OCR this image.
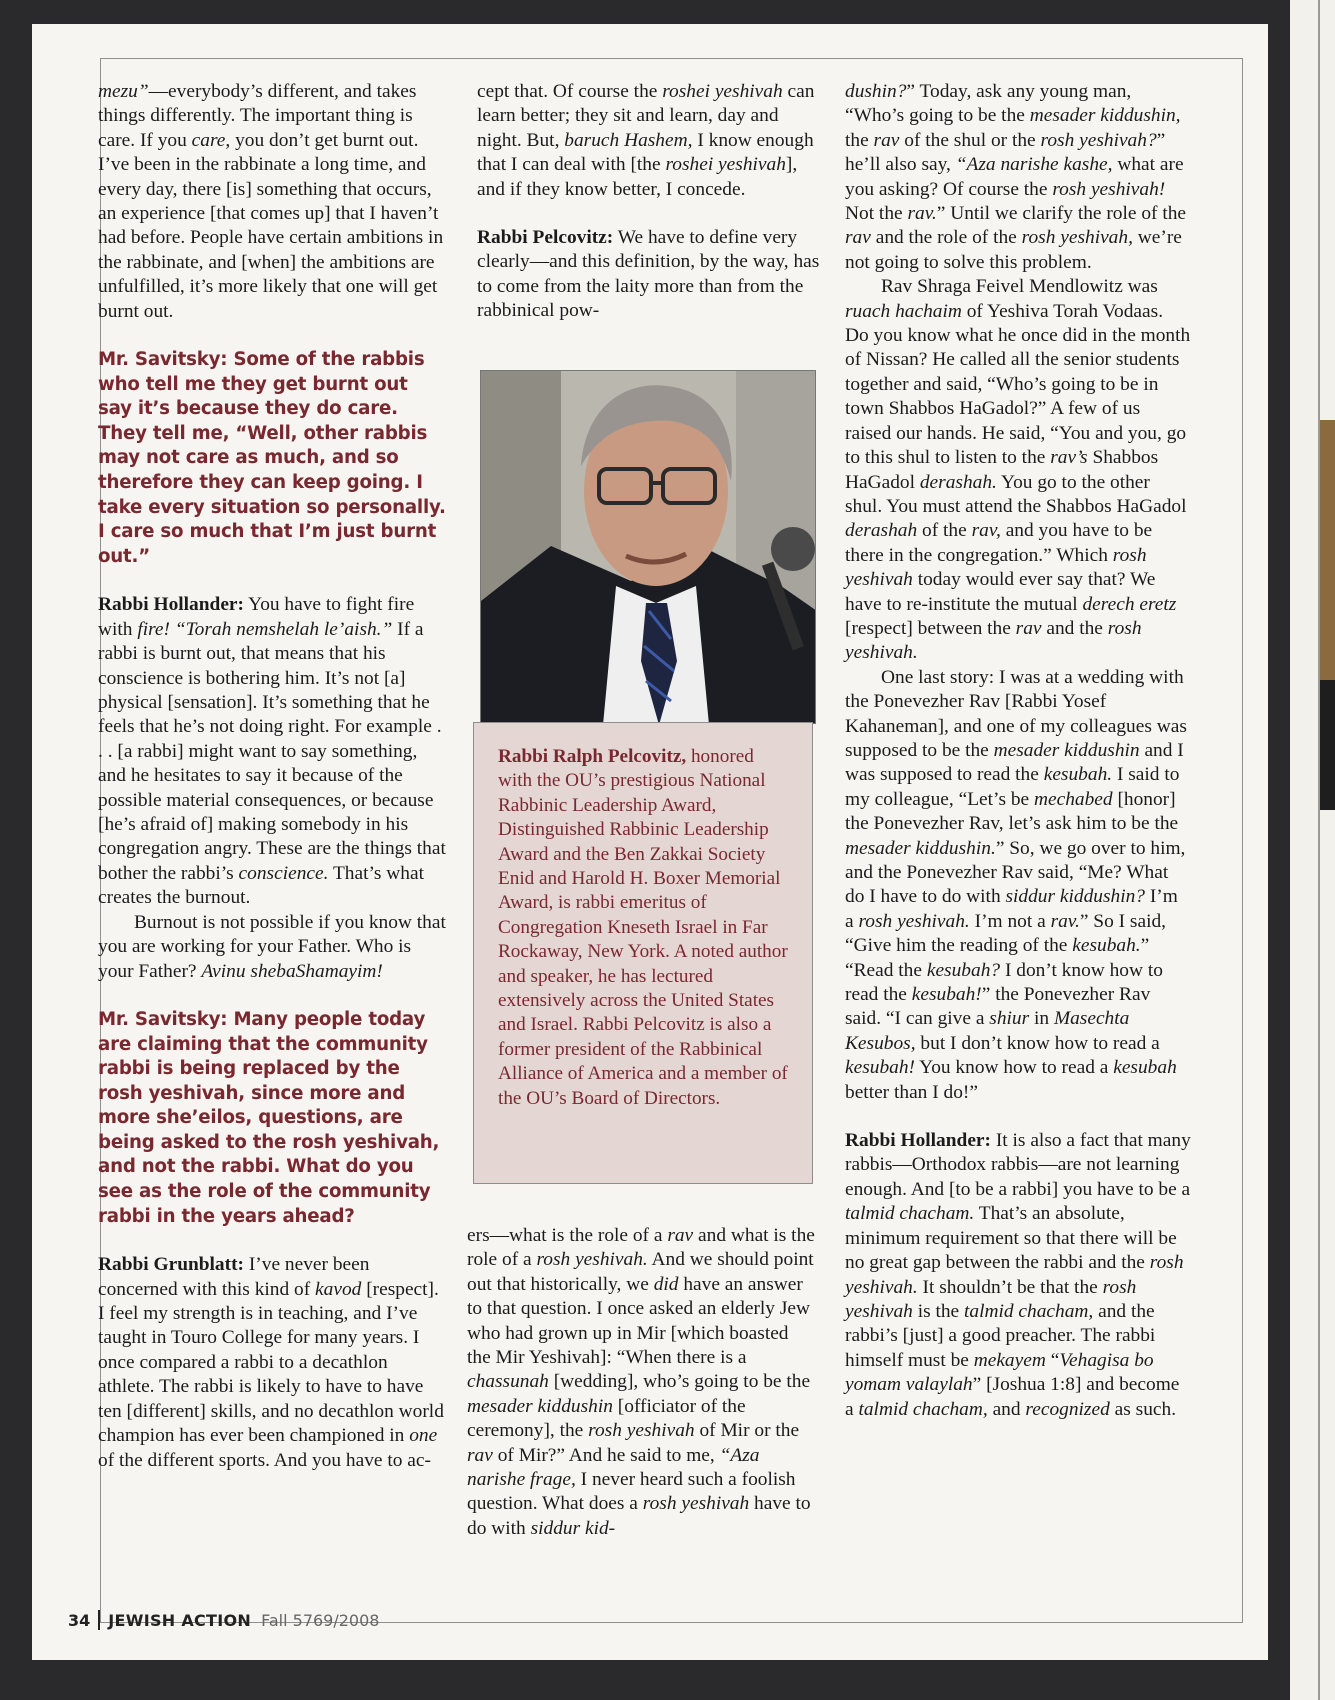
mezu”—everybody’s different, and takes things differently. The important thing is care. If you care, you don’t get burnt out. I’ve been in the rabbinate a long time, and every day, there [is] something that occurs, an experience [that comes up] that I haven’t had before. People have certain ambitions in the rabbinate, and [when] the ambitions are unfulfilled, it’s more likely that one will get burnt out.

Mr. Savitsky: Some of the rabbis who tell me they get burnt out say it’s because they do care. They tell me, “Well, other rabbis may not care as much, and so therefore they can keep going. I take every situation so personally. I care so much that I’m just burnt out.”

Rabbi Hollander: You have to fight fire with fire! “Torah nemshelah le’aish.” If a rabbi is burnt out, that means that his conscience is bothering him. It’s not [a] physical [sensation]. It’s something that he feels that he’s not doing right. For example . . . [a rabbi] might want to say something, and he hesitates to say it because of the possible material consequences, or because [he’s afraid of] making somebody in his congregation angry. These are the things that bother the rabbi’s conscience. That’s what creates the burnout.

Burnout is not possible if you know that you are working for your Father. Who is your Father? Avinu shebaShamayim!

Mr. Savitsky: Many people today are claiming that the community rabbi is being replaced by the rosh yeshivah, since more and more she’eilos, questions, are being asked to the rosh yeshivah, and not the rabbi. What do you see as the role of the community rabbi in the years ahead?

Rabbi Grunblatt: I’ve never been concerned with this kind of kavod [respect]. I feel my strength is in teaching, and I’ve taught in Touro College for many years. I once compared a rabbi to a decathlon athlete. The rabbi is likely to have to have ten [different] skills, and no decathlon world champion has ever been championed in one of the different sports. And you have to ac-

cept that. Of course the roshei yeshivah can learn better; they sit and learn, day and night. But, baruch Hashem, I know enough that I can deal with [the roshei yeshivah], and if they know better, I concede.

Rabbi Pelcovitz: We have to define very clearly—and this definition, by the way, has to come from the laity more than from the rabbinical pow-

Rabbi Ralph Pelcovitz, honored with the OU’s prestigious National Rabbinic Leadership Award, Distinguished Rabbinic Leadership Award and the Ben Zakkai Society Enid and Harold H. Boxer Memorial Award, is rabbi emeritus of Congregation Kneseth Israel in Far Rockaway, New York. A noted author and speaker, he has lectured extensively across the United States and Israel. Rabbi Pelcovitz is also a former president of the Rabbinical Alliance of America and a member of the OU’s Board of Directors.

ers—what is the role of a rav and what is the role of a rosh yeshivah. And we should point out that historically, we did have an answer to that question. I once asked an elderly Jew who had grown up in Mir [which boasted the Mir Yeshivah]: “When there is a chassunah [wedding], who’s going to be the mesader kiddushin [officiator of the ceremony], the rosh yeshivah of Mir or the rav of Mir?” And he said to me, “Aza narishe frage, I never heard such a foolish question. What does a rosh yeshivah have to do with siddur kid-

dushin?” Today, ask any young man, “Who’s going to be the mesader kiddushin, the rav of the shul or the rosh yeshivah?” he’ll also say, “Aza narishe kashe, what are you asking? Of course the rosh yeshivah! Not the rav.” Until we clarify the role of the rav and the role of the rosh yeshivah, we’re not going to solve this problem.

Rav Shraga Feivel Mendlowitz was ruach hachaim of Yeshiva Torah Vodaas. Do you know what he once did in the month of Nissan? He called all the senior students together and said, “Who’s going to be in town Shabbos HaGadol?” A few of us raised our hands. He said, “You and you, go to this shul to listen to the rav’s Shabbos HaGadol derashah. You go to the other shul. You must attend the Shabbos HaGadol derashah of the rav, and you have to be there in the congregation.” Which rosh yeshivah today would ever say that? We have to re-institute the mutual derech eretz [respect] between the rav and the rosh yeshivah.

One last story: I was at a wedding with the Ponevezher Rav [Rabbi Yosef Kahaneman], and one of my colleagues was supposed to be the mesader kiddushin and I was supposed to read the kesubah. I said to my colleague, “Let’s be mechabed [honor] the Ponevezher Rav, let’s ask him to be the mesader kiddushin.” So, we go over to him, and the Ponevezher Rav said, “Me? What do I have to do with siddur kiddushin? I’m a rosh yeshivah. I’m not a rav.” So I said, “Give him the reading of the kesubah.” “Read the kesubah? I don’t know how to read the kesubah!” the Ponevezher Rav said. “I can give a shiur in Masechta Kesubos, but I don’t know how to read a kesubah! You know how to read a kesubah better than I do!”

Rabbi Hollander: It is also a fact that many rabbis—Orthodox rabbis—are not learning enough. And [to be a rabbi] you have to be a talmid chacham. That’s an absolute, minimum requirement so that there will be no great gap between the rabbi and the rosh yeshivah. It shouldn’t be that the rosh yeshivah is the talmid chacham, and the rabbi’s [just] a good preacher. The rabbi himself must be mekayem “Vehagisa bo yomam valaylah” [Joshua 1:8] and become a talmid chacham, and recognized as such.

34 JEWISH ACTION Fall 5769/2008
